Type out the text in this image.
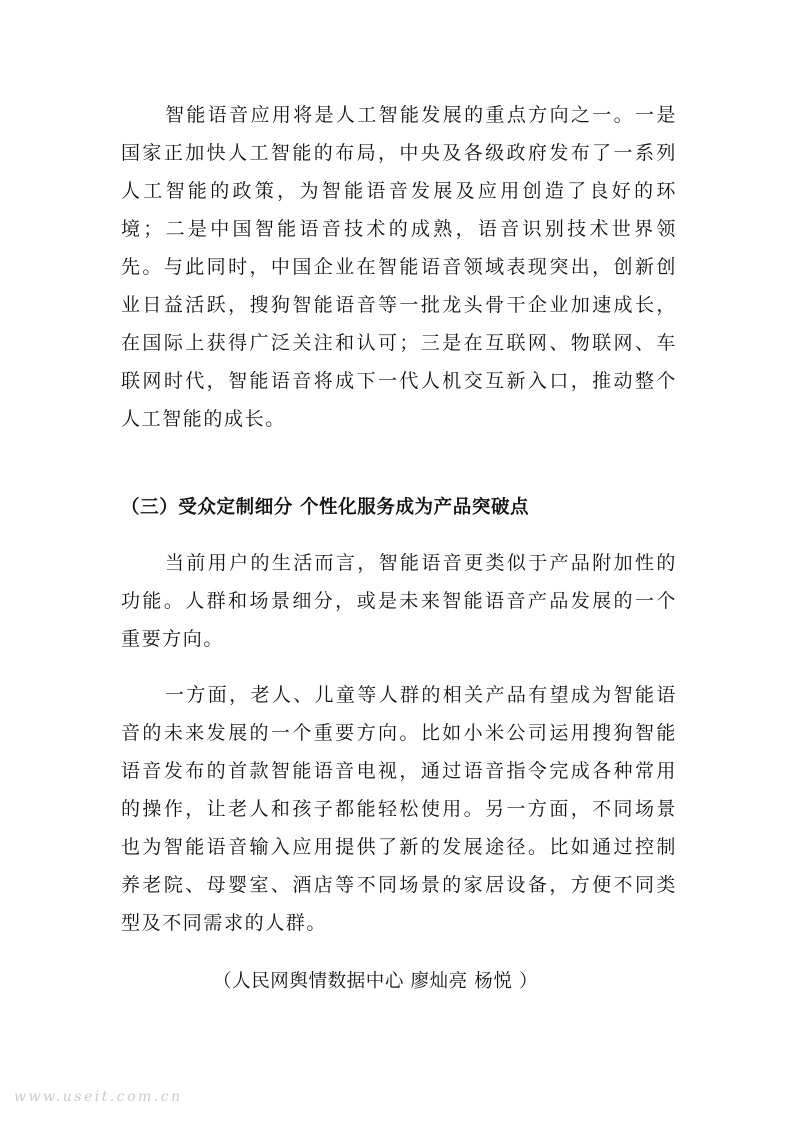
智能语音应用将是人工智能发展的重点方向之一。一是国家正加快人工智能的布局，中央及各级政府发布了一系列人工智能的政策，为智能语音发展及应用创造了良好的环境；二是中国智能语音技术的成熟，语音识别技术世界领先。与此同时，中国企业在智能语音领域表现突出，创新创业日益活跃，搜狗智能语音等一批龙头骨干企业加速成长，在国际上获得广泛关注和认可；三是在互联网、物联网、车联网时代，智能语音将成下一代人机交互新入口，推动整个人工智能的成长。

（三）受众定制细分 个性化服务成为产品突破点

当前用户的生活而言，智能语音更类似于产品附加性的功能。人群和场景细分，或是未来智能语音产品发展的一个重要方向。

一方面，老人、儿童等人群的相关产品有望成为智能语音的未来发展的一个重要方向。比如小米公司运用搜狗智能语音发布的首款智能语音电视，通过语音指令完成各种常用的操作，让老人和孩子都能轻松使用。另一方面，不同场景也为智能语音输入应用提供了新的发展途径。比如通过控制养老院、母婴室、酒店等不同场景的家居设备，方便不同类型及不同需求的人群。

（人民网舆情数据中心 廖灿亮 杨悦 ）

www.useit.com.cn
